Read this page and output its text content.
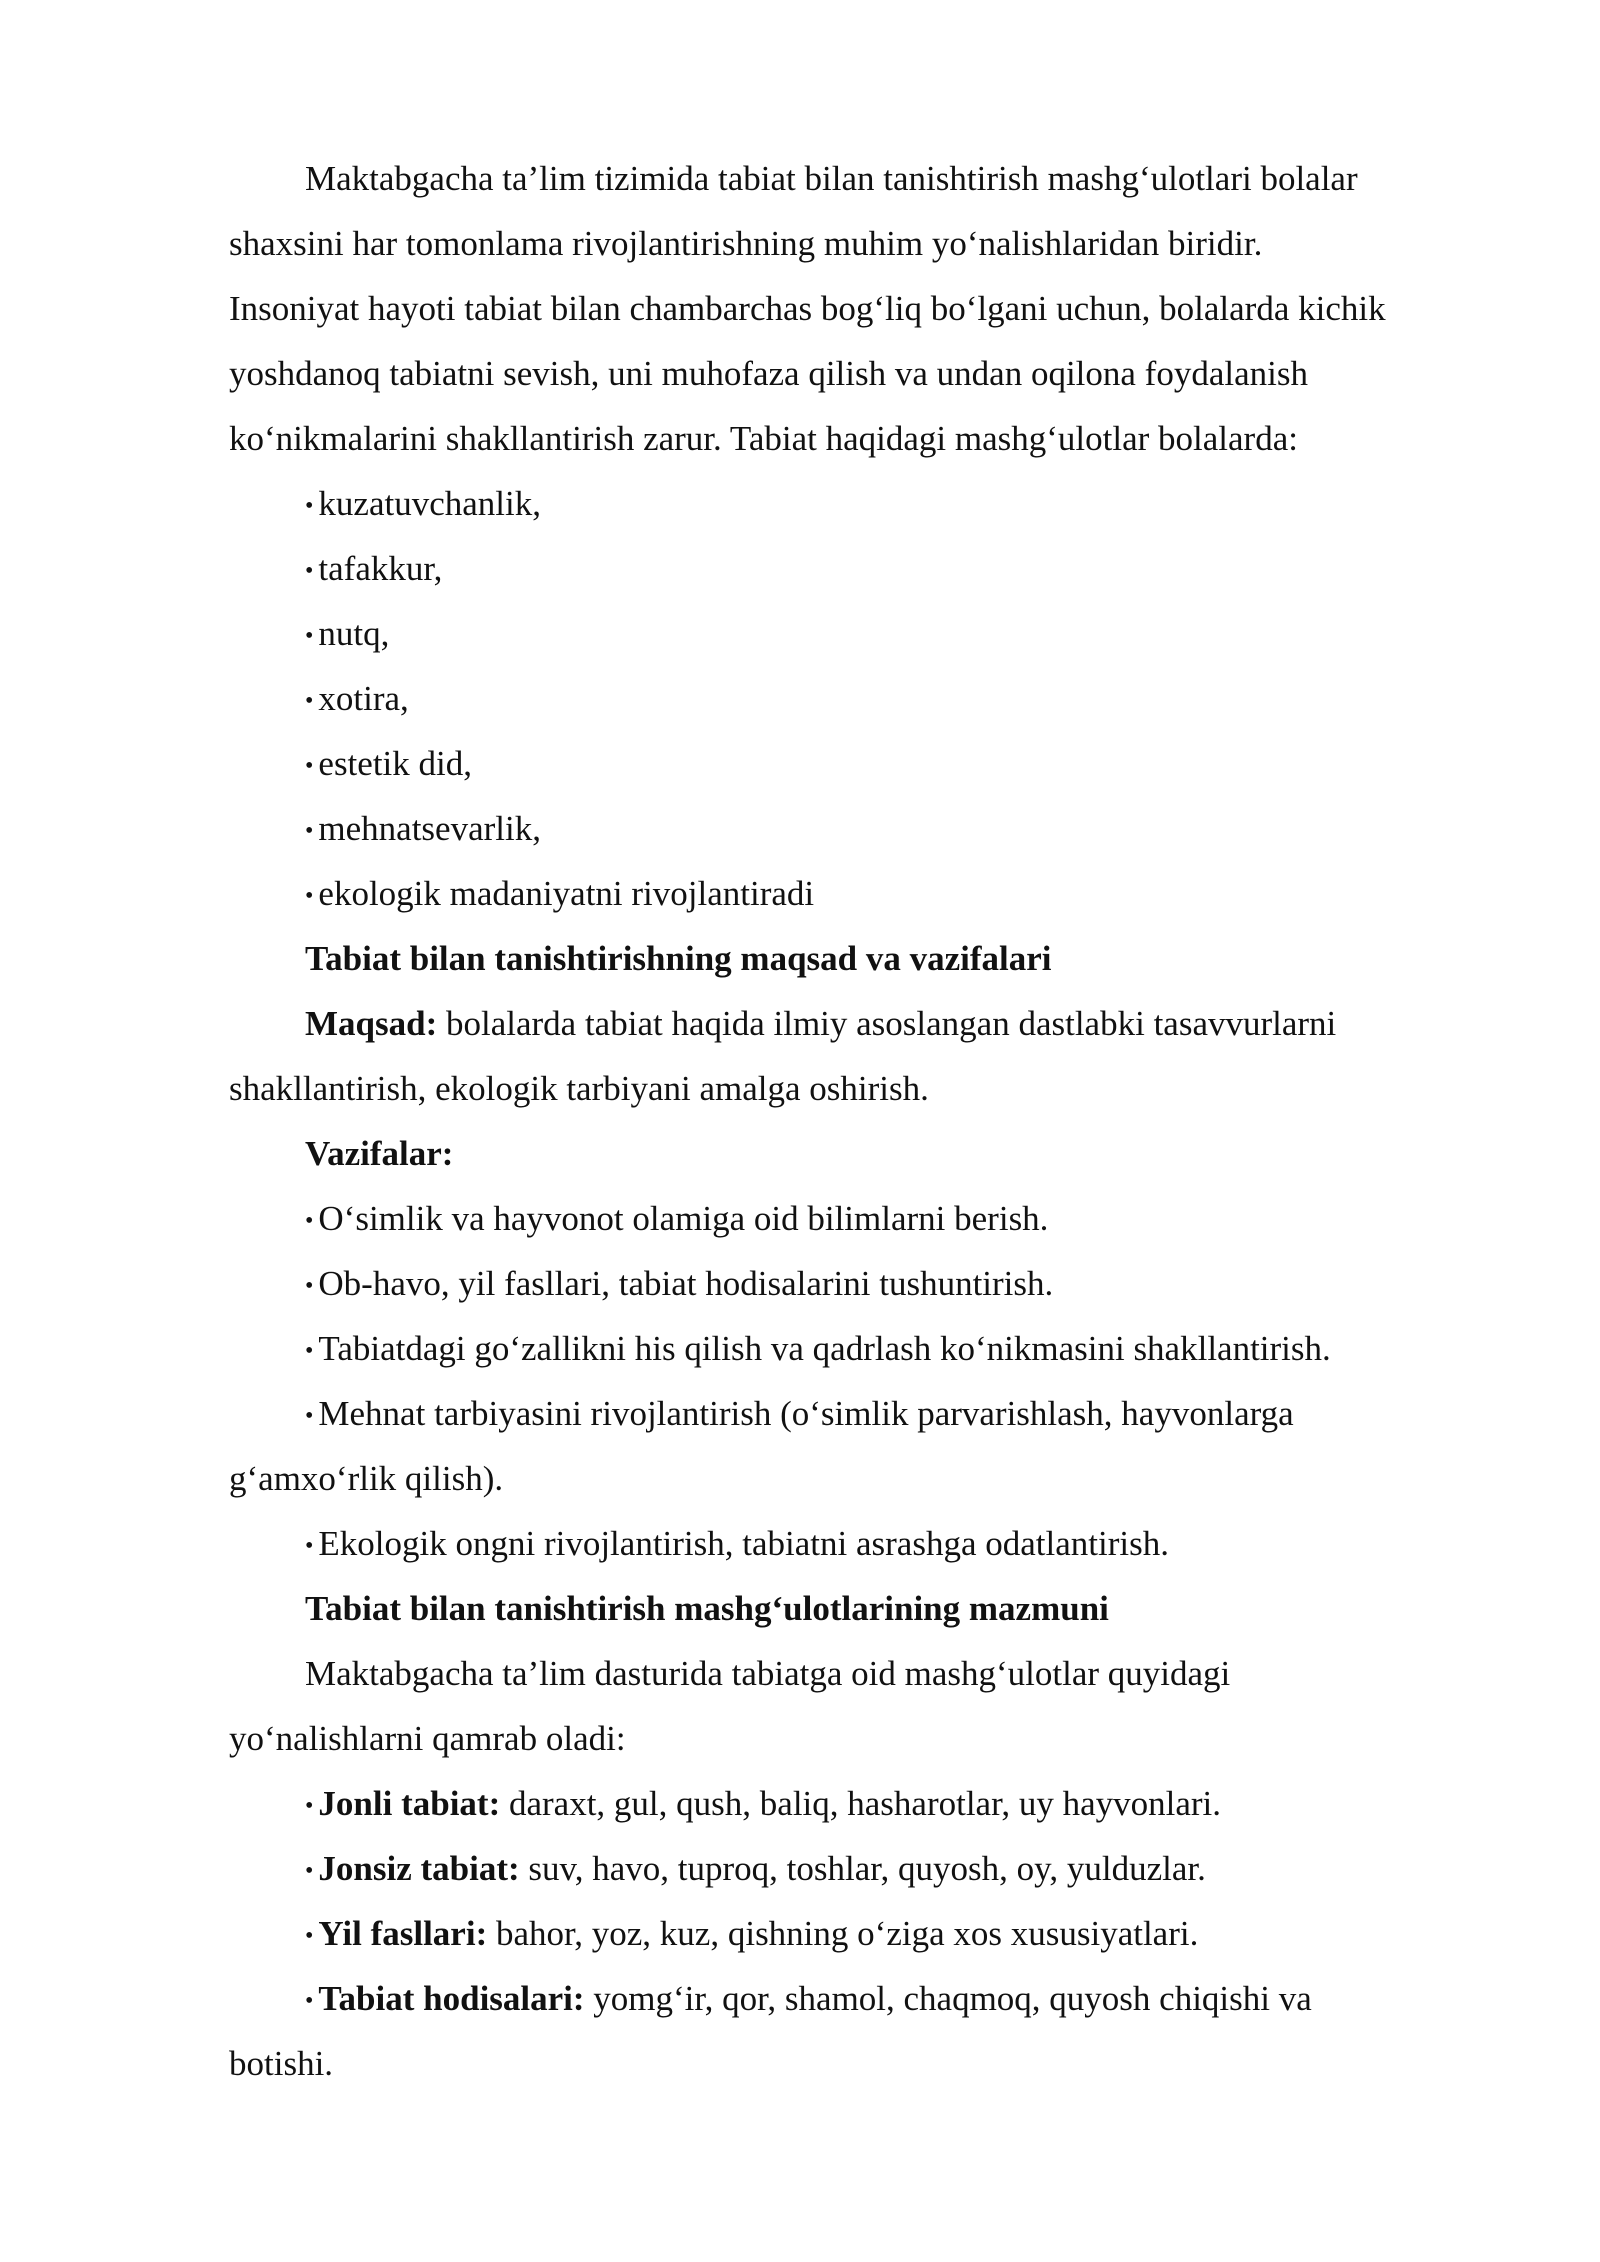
Maktabgacha ta’lim tizimida tabiat bilan tanishtirish mashg‘ulotlari bolalar
shaxsini har tomonlama rivojlantirishning muhim yo‘nalishlaridan biridir.
Insoniyat hayoti tabiat bilan chambarchas bog‘liq bo‘lgani uchun, bolalarda kichik
yoshdanoq tabiatni sevish, uni muhofaza qilish va undan oqilona foydalanish
ko‘nikmalarini shakllantirish zarur. Tabiat haqidagi mashg‘ulotlar bolalarda:
• kuzatuvchanlik,
• tafakkur,
• nutq,
• xotira,
• estetik did,
• mehnatsevarlik,
• ekologik madaniyatni rivojlantiradi
Tabiat bilan tanishtirishning maqsad va vazifalari
Maqsad: bolalarda tabiat haqida ilmiy asoslangan dastlabki tasavvurlarni
shakllantirish, ekologik tarbiyani amalga oshirish.
Vazifalar:
• O‘simlik va hayvonot olamiga oid bilimlarni berish.
• Ob-havo, yil fasllari, tabiat hodisalarini tushuntirish.
• Tabiatdagi go‘zallikni his qilish va qadrlash ko‘nikmasini shakllantirish.
• Mehnat tarbiyasini rivojlantirish (o‘simlik parvarishlash, hayvonlarga
g‘amxo‘rlik qilish).
• Ekologik ongni rivojlantirish, tabiatni asrashga odatlantirish.
Tabiat bilan tanishtirish mashg‘ulotlarining mazmuni
Maktabgacha ta’lim dasturida tabiatga oid mashg‘ulotlar quyidagi
yo‘nalishlarni qamrab oladi:
• Jonli tabiat: daraxt, gul, qush, baliq, hasharotlar, uy hayvonlari.
• Jonsiz tabiat: suv, havo, tuproq, toshlar, quyosh, oy, yulduzlar.
• Yil fasllari: bahor, yoz, kuz, qishning o‘ziga xos xususiyatlari.
• Tabiat hodisalari: yomg‘ir, qor, shamol, chaqmoq, quyosh chiqishi va
botishi.
